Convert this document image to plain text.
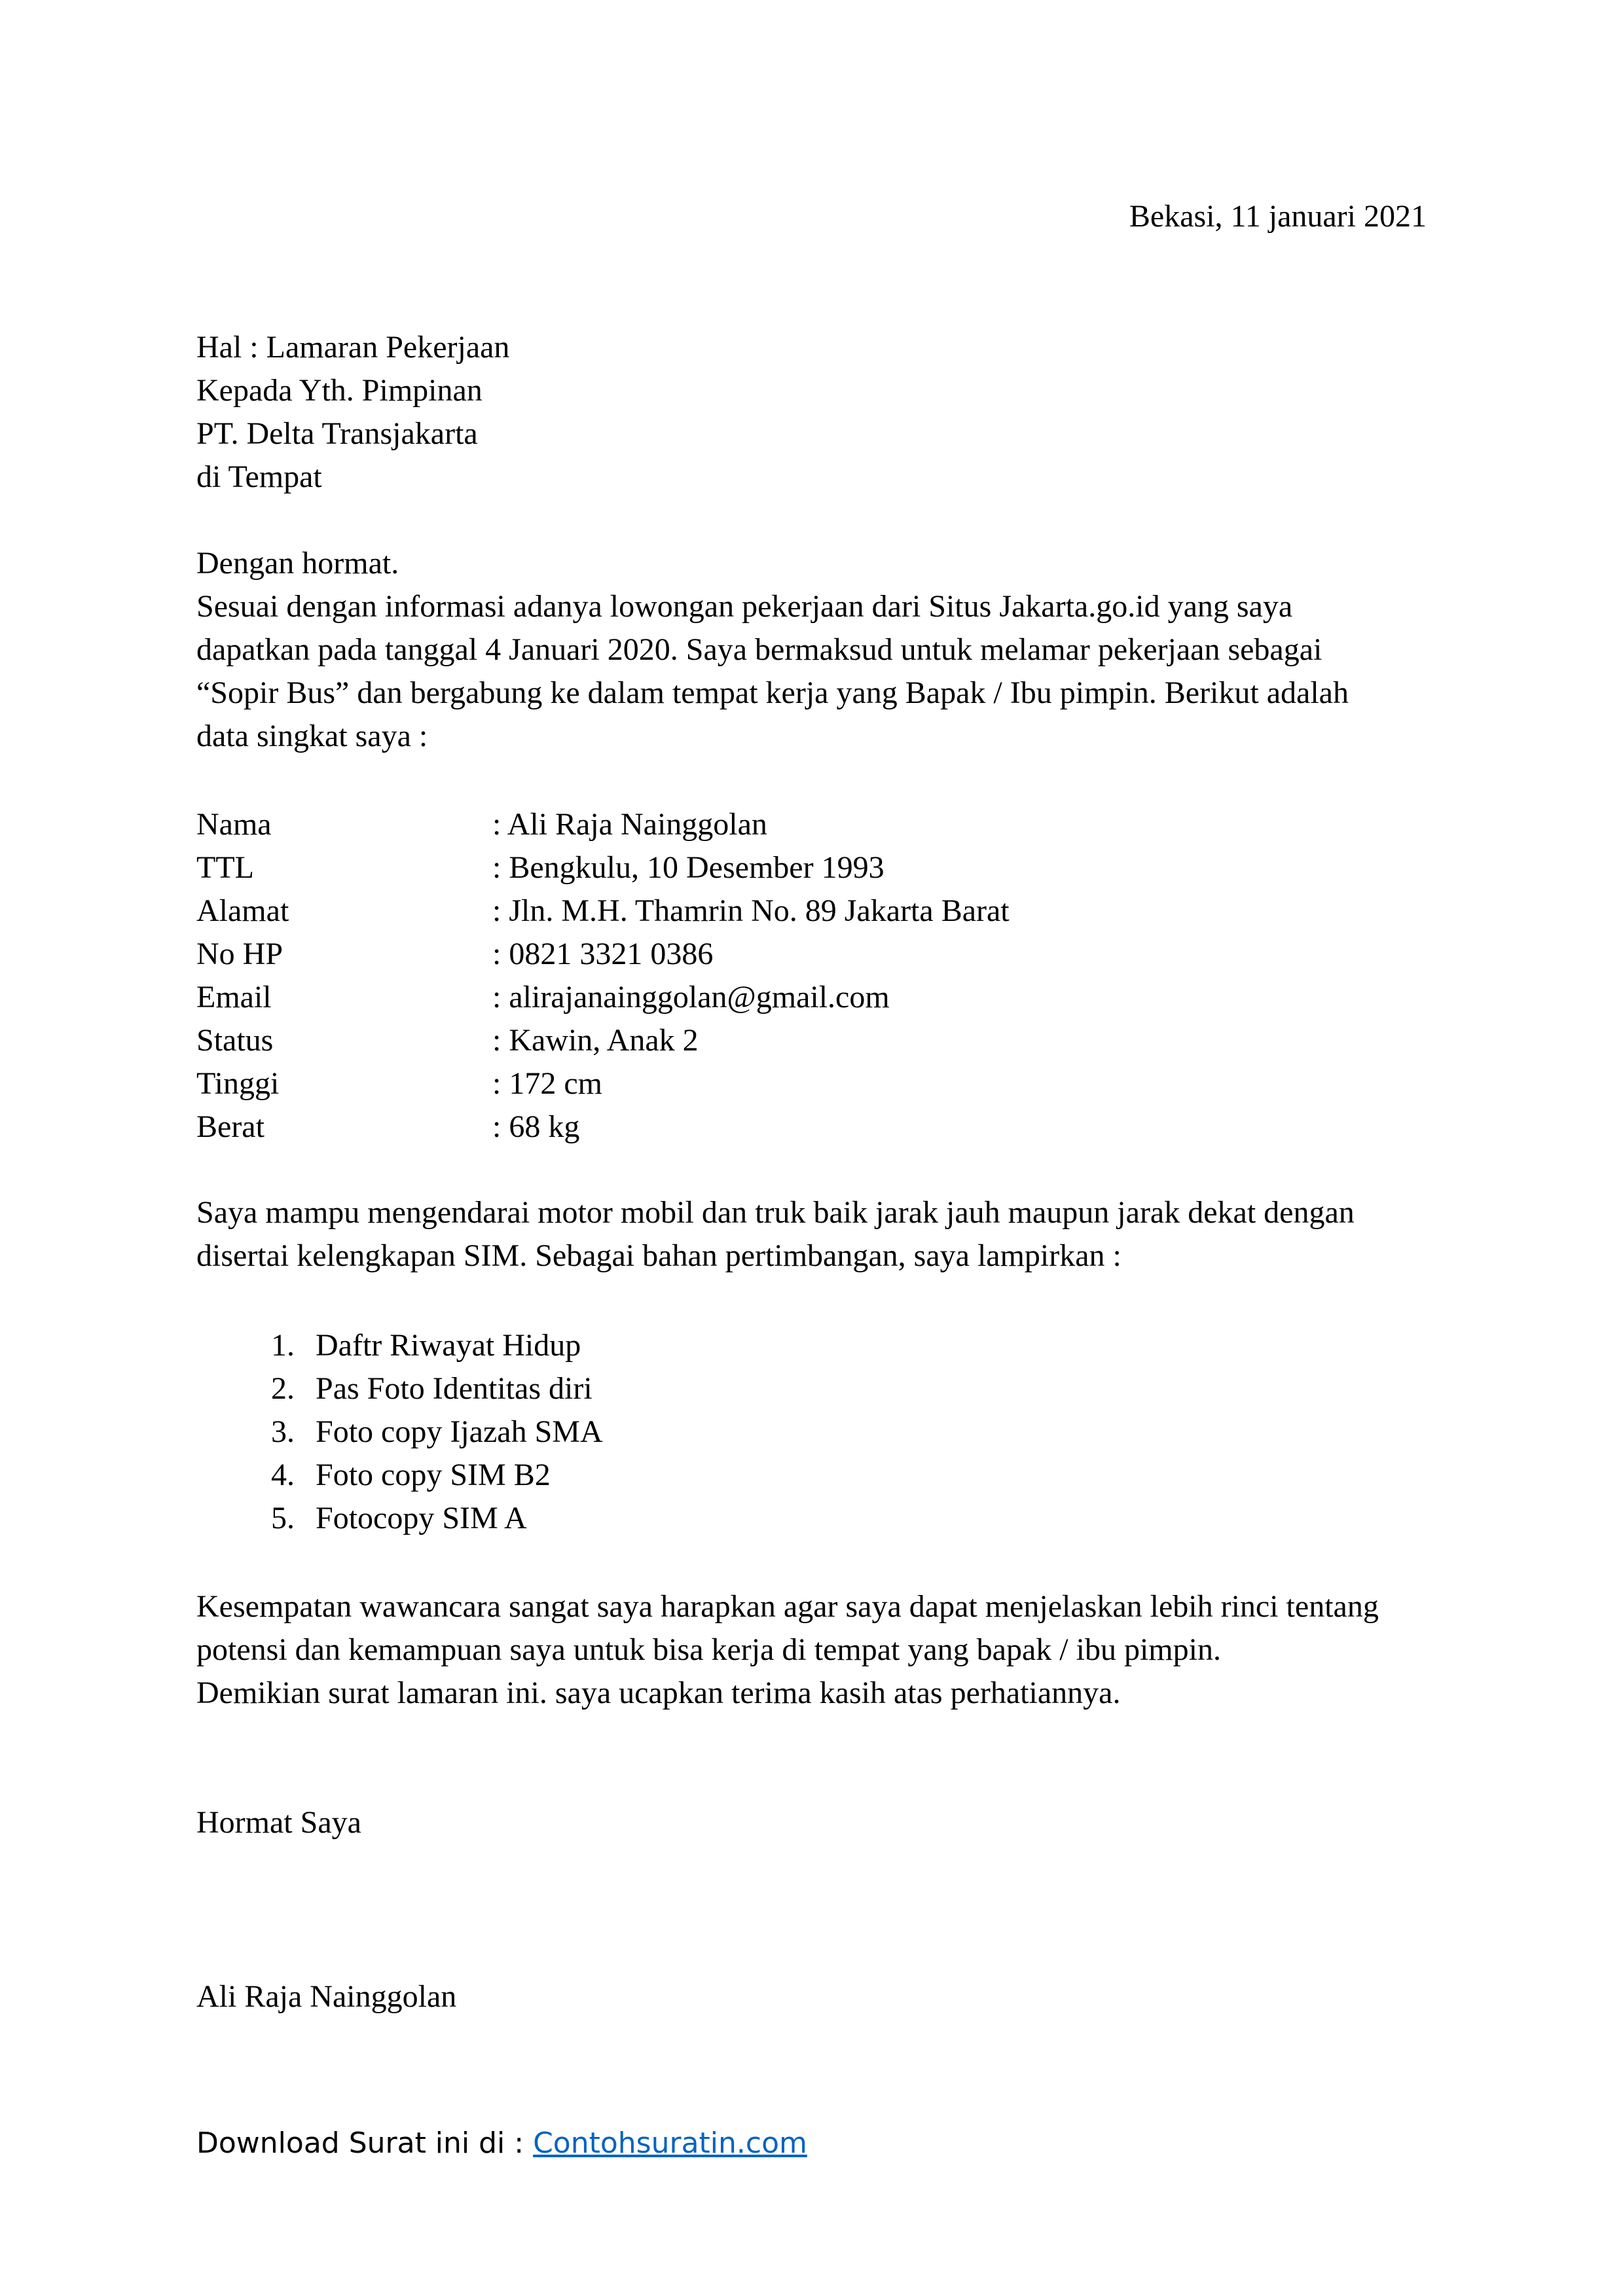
Bekasi, 11 januari 2021
Hal : Lamaran Pekerjaan
Kepada Yth. Pimpinan
PT. Delta Transjakarta
di Tempat
Dengan hormat.
Sesuai dengan informasi adanya lowongan pekerjaan dari Situs Jakarta.go.id yang saya
dapatkan pada tanggal 4 Januari 2020. Saya bermaksud untuk melamar pekerjaan sebagai
“Sopir Bus” dan bergabung ke dalam tempat kerja yang Bapak / Ibu pimpin. Berikut adalah
data singkat saya :
Nama	: Ali Raja Nainggolan
TTL	: Bengkulu, 10 Desember 1993
Alamat	: Jln. M.H. Thamrin No. 89 Jakarta Barat
No HP	: 0821 3321 0386
Email	: alirajanainggolan@gmail.com
Status	: Kawin, Anak 2
Tinggi	: 172 cm
Berat	: 68 kg
Saya mampu mengendarai motor mobil dan truk baik jarak jauh maupun jarak dekat dengan
disertai kelengkapan SIM. Sebagai bahan pertimbangan, saya lampirkan :
1. Daftr Riwayat Hidup
2. Pas Foto Identitas diri
3. Foto copy Ijazah SMA
4. Foto copy SIM B2
5. Fotocopy SIM A
Kesempatan wawancara sangat saya harapkan agar saya dapat menjelaskan lebih rinci tentang
potensi dan kemampuan saya untuk bisa kerja di tempat yang bapak / ibu pimpin.
Demikian surat lamaran ini. saya ucapkan terima kasih atas perhatiannya.
Hormat Saya
Ali Raja Nainggolan
Download Surat ini di : Contohsuratin.com
